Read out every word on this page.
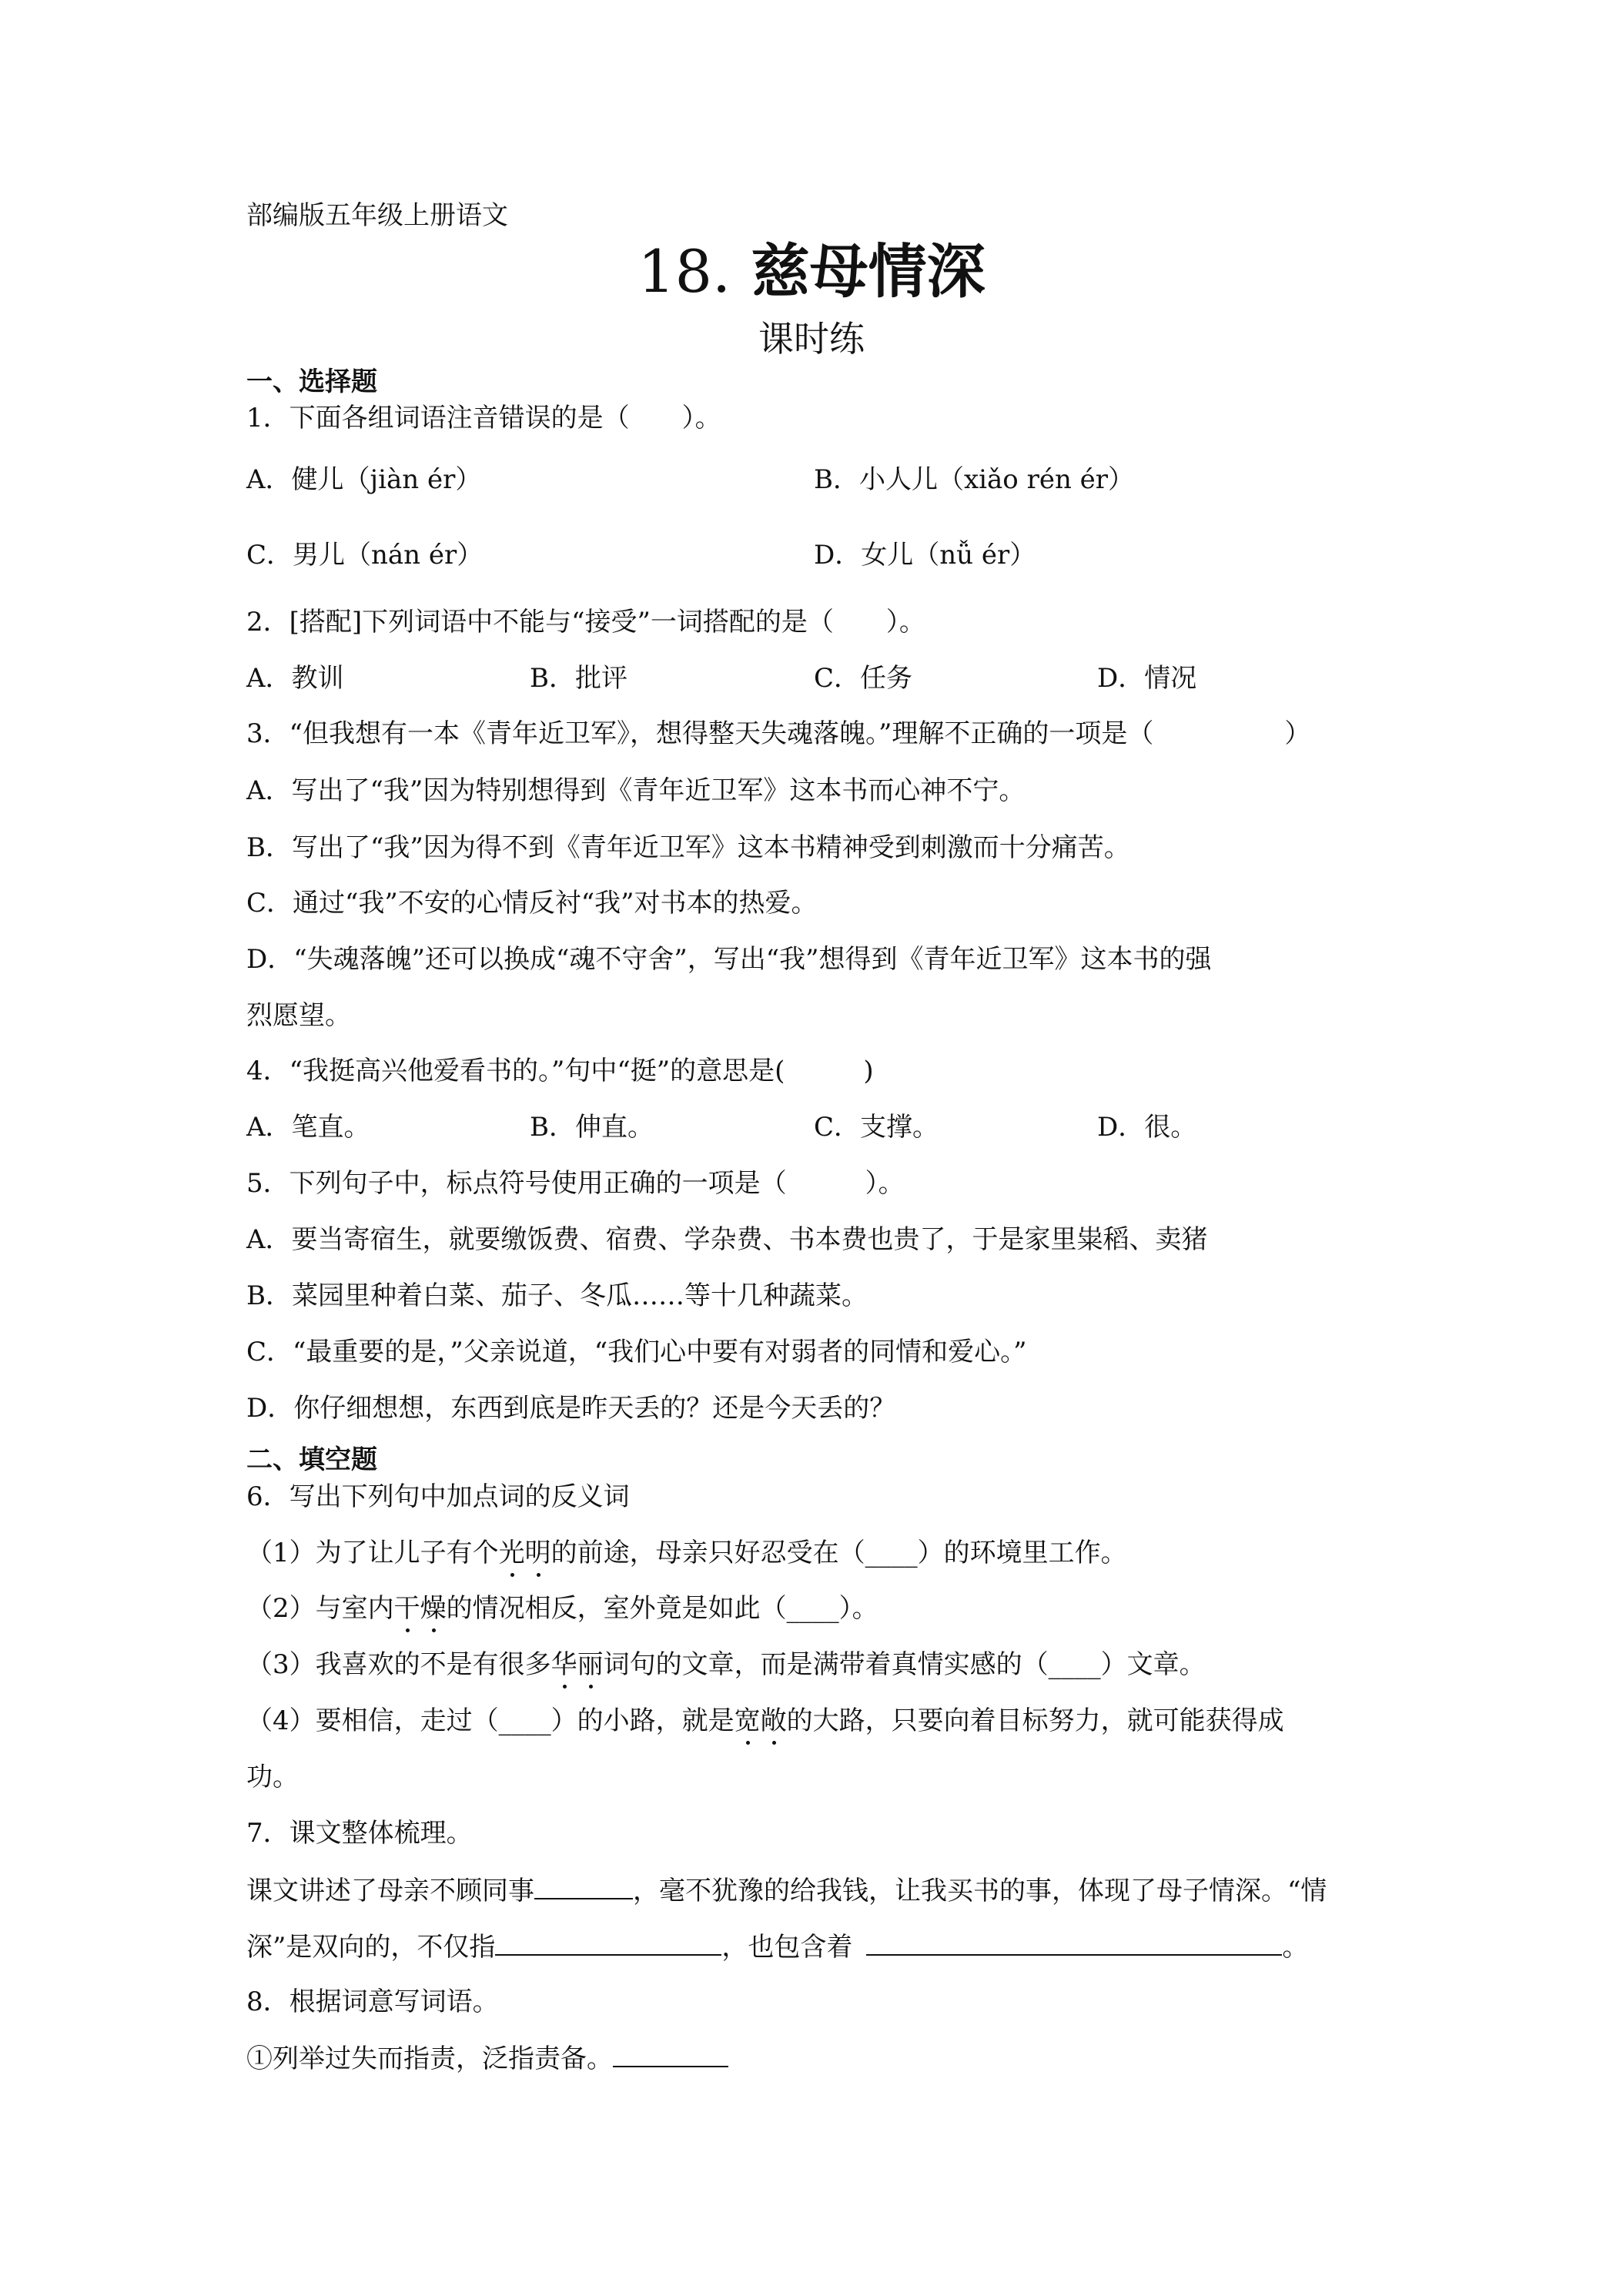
部编版五年级上册语文
18. 慈母情深
课时练
一、选择题
1．下面各组词语注音错误的是（　　）。
A．健儿（jiàn ér）	B．小人儿（xiǎo rén ér）
C．男儿（nán ér）	D．女儿（nǚ ér）
2．[搭配]下列词语中不能与“接受”一词搭配的是（　　）。
A．教训	B．批评	C．任务	D．情况
3．“但我想有一本《青年近卫军》，想得整天失魂落魄。”理解不正确的一项是（　　　　　）
A．写出了“我”因为特别想得到《青年近卫军》这本书而心神不宁。
B．写出了“我”因为得不到《青年近卫军》这本书精神受到刺激而十分痛苦。
C．通过“我”不安的心情反衬“我”对书本的热爱。
D．“失魂落魄”还可以换成“魂不守舍”，写出“我”想得到《青年近卫军》这本书的强
烈愿望。
4．“我挺高兴他爱看书的。”句中“挺”的意思是(　　　)
A．笔直。	B．伸直。	C．支撑。	D．很。
5．下列句子中，标点符号使用正确的一项是（　　　）。
A．要当寄宿生，就要缴饭费、宿费、学杂费、书本费也贵了，于是家里粜稻、卖猪
B．菜园里种着白菜、茄子、冬瓜……等十几种蔬菜。
C．“最重要的是，”父亲说道，“我们心中要有对弱者的同情和爱心。”
D．你仔细想想，东西到底是昨天丢的？还是今天丢的？
二、填空题
6．写出下列句中加点词的反义词
（1）为了让儿子有个光明的前途，母亲只好忍受在（____）的环境里工作。
（2）与室内干燥的情况相反，室外竟是如此（____）。
（3）我喜欢的不是有很多华丽词句的文章，而是满带着真情实感的（____）文章。
（4）要相信，走过（____）的小路，就是宽敞的大路，只要向着目标努力，就可能获得成
功。
7．课文整体梳理。
课文讲述了母亲不顾同事	，毫不犹豫的给我钱，让我买书的事，体现了母子情深。“情
深”是双向的，不仅指	，也包含着	。
8．根据词意写词语。
①列举过失而指责，泛指责备。
